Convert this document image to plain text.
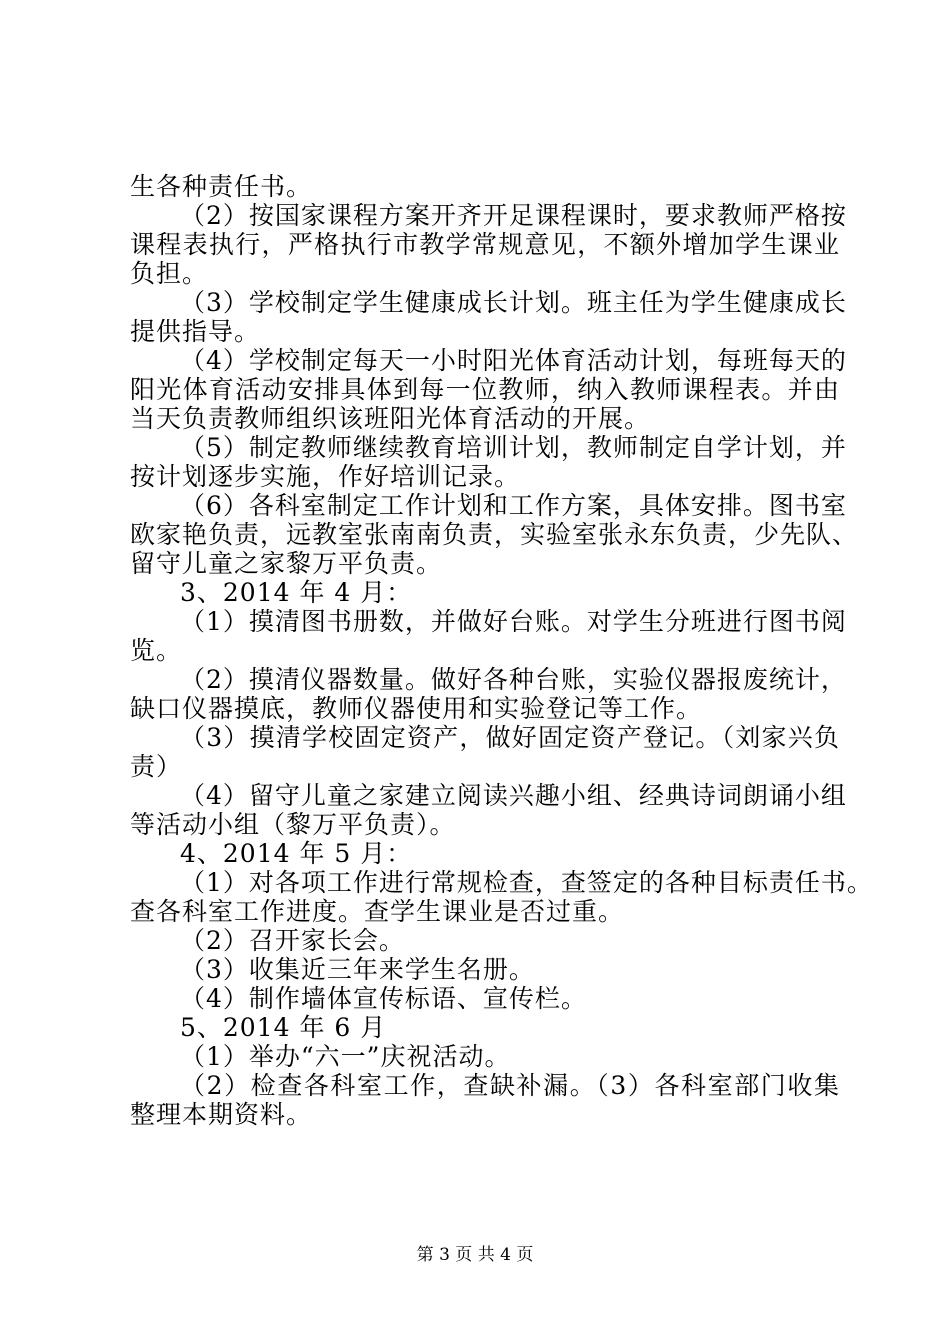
生各种责任书。
（2）按国家课程方案开齐开足课程课时，要求教师严格按
课程表执行，严格执行市教学常规意见，不额外增加学生课业
负担。
（3）学校制定学生健康成长计划。班主任为学生健康成长
提供指导。
（4）学校制定每天一小时阳光体育活动计划，每班每天的
阳光体育活动安排具体到每一位教师，纳入教师课程表。并由
当天负责教师组织该班阳光体育活动的开展。
（5）制定教师继续教育培训计划，教师制定自学计划，并
按计划逐步实施，作好培训记录。
（6）各科室制定工作计划和工作方案，具体安排。图书室
欧家艳负责，远教室张南南负责，实验室张永东负责，少先队、
留守儿童之家黎万平负责。
3、2014 年 4 月：
（1）摸清图书册数，并做好台账。对学生分班进行图书阅
览。
（2）摸清仪器数量。做好各种台账，实验仪器报废统计，
缺口仪器摸底，教师仪器使用和实验登记等工作。
（3）摸清学校固定资产，做好固定资产登记。（刘家兴负
责）
（4）留守儿童之家建立阅读兴趣小组、经典诗词朗诵小组
等活动小组（黎万平负责）。
4、2014 年 5 月：
（1）对各项工作进行常规检查，查签定的各种目标责任书。
查各科室工作进度。查学生课业是否过重。
（2）召开家长会。
（3）收集近三年来学生名册。
（4）制作墙体宣传标语、宣传栏。
5、2014 年 6 月
（1）举办“六一”庆祝活动。
（2）检查各科室工作，查缺补漏。（3）各科室部门收集
整理本期资料。
第 3 页 共 4 页
